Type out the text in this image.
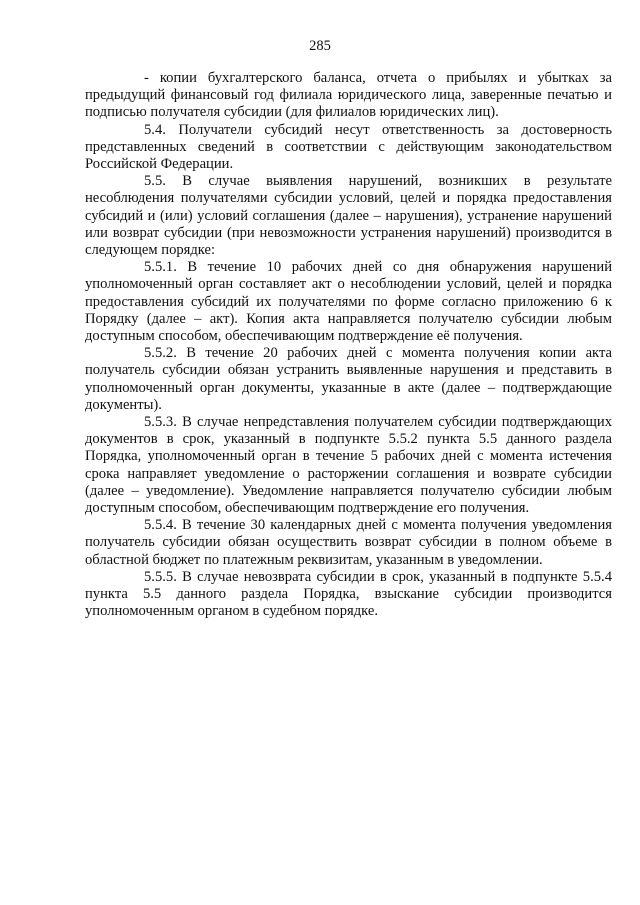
285

- копии бухгалтерского баланса, отчета о прибылях и убытках за предыдущий финансовый год филиала юридического лица, заверенные печатью и подписью получателя субсидии (для филиалов юридических лиц).

5.4. Получатели субсидий несут ответственность за достоверность представленных сведений в соответствии с действующим законодательством Российской Федерации.

5.5. В случае выявления нарушений, возникших в результате несоблюдения получателями субсидии условий, целей и порядка предоставления субсидий и (или) условий соглашения (далее – нарушения), устранение нарушений или возврат субсидии (при невозможности устранения нарушений) производится в следующем порядке:

5.5.1. В течение 10 рабочих дней со дня обнаружения нарушений уполномоченный орган составляет акт о несоблюдении условий, целей и порядка предоставления субсидий их получателями по форме согласно приложению 6 к Порядку (далее – акт). Копия акта направляется получателю субсидии любым доступным способом, обеспечивающим подтверждение её получения.

5.5.2. В течение 20 рабочих дней с момента получения копии акта получатель субсидии обязан устранить выявленные нарушения и представить в уполномоченный орган документы, указанные в акте (далее – подтверждающие документы).

5.5.3. В случае непредставления получателем субсидии подтверждающих документов в срок, указанный в подпункте 5.5.2 пункта 5.5 данного раздела Порядка, уполномоченный орган в течение 5 рабочих дней с момента истечения срока направляет уведомление о расторжении соглашения и возврате субсидии (далее – уведомление). Уведомление направляется получателю субсидии любым доступным способом, обеспечивающим подтверждение его получения.

5.5.4. В течение 30 календарных дней с момента получения уведомления получатель субсидии обязан осуществить возврат субсидии в полном объеме в областной бюджет по платежным реквизитам, указанным в уведомлении.

5.5.5. В случае невозврата субсидии в срок, указанный в подпункте 5.5.4 пункта 5.5 данного раздела Порядка, взыскание субсидии производится уполномоченным органом в судебном порядке.
